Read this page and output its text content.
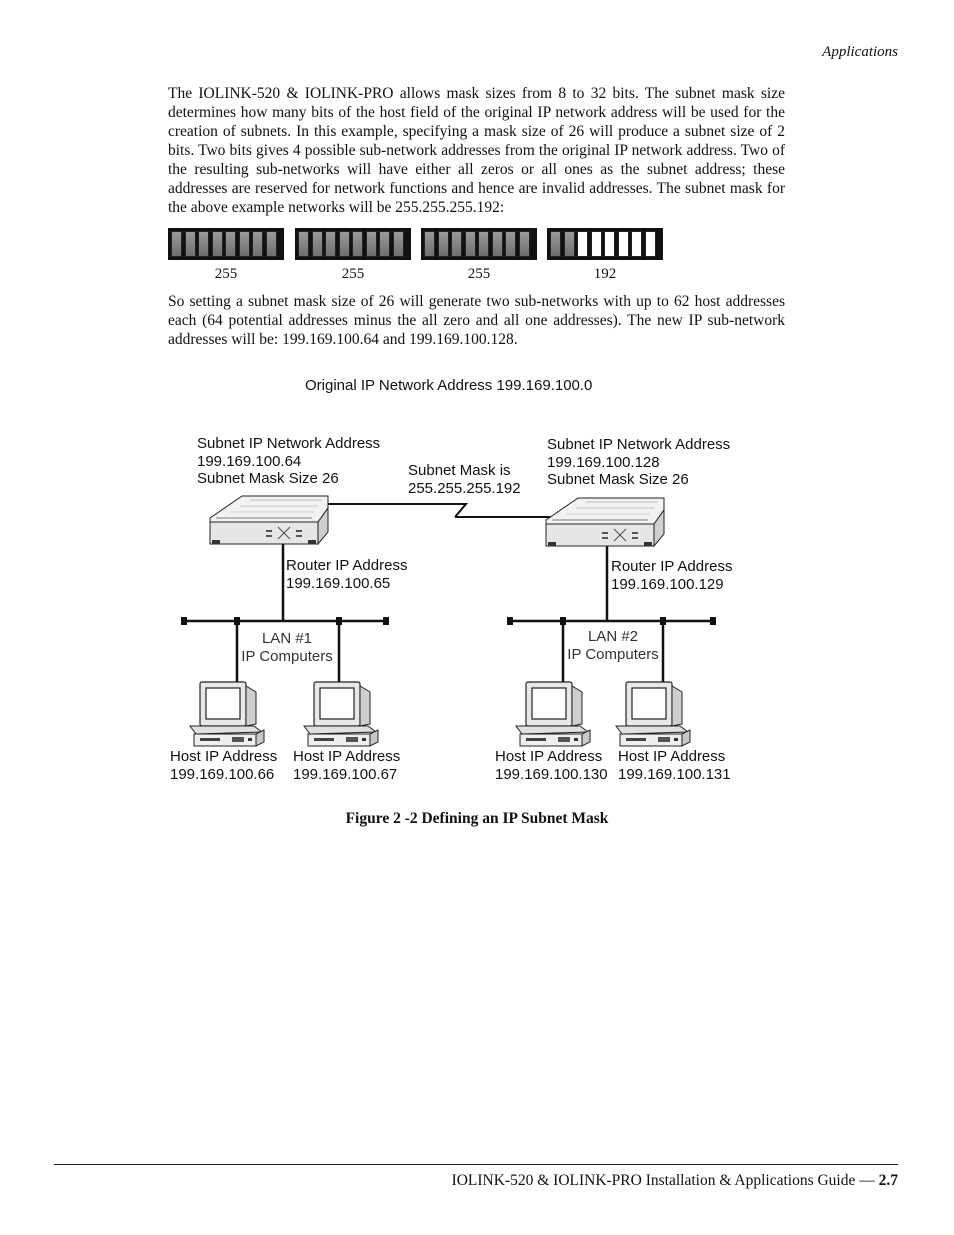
Applications

The IOLINK-520 & IOLINK-PRO allows mask sizes from 8 to 32 bits. The subnet mask size determines how many bits of the host field of the original IP network address will be used for the creation of subnets. In this example, specifying a mask size of 26 will produce a subnet size of 2 bits. Two bits gives 4 possible sub-network addresses from the original IP network address. Two of the resulting sub-networks will have either all zeros or all ones as the subnet address; these addresses are reserved for network functions and hence are invalid addresses. The subnet mask for the above example networks will be 255.255.255.192:

255	255	255	192

So setting a subnet mask size of 26 will generate two sub-networks with up to 62 host addresses each (64 potential addresses minus the all zero and all one addresses). The new IP sub-network addresses will be: 199.169.100.64 and 199.169.100.128.

Original IP Network Address 199.169.100.0
Subnet IP Network Address
199.169.100.64
Subnet Mask Size 26	Subnet Mask is
255.255.255.192
Subnet IP Network Address
199.169.100.128
Subnet Mask Size 26
Router IP Address
199.169.100.65
Router IP Address
199.169.100.129
LAN #1
IP Computers
LAN #2
IP Computers
Host IP Address
199.169.100.66
Host IP Address
199.169.100.67
Host IP Address
199.169.100.130
Host IP Address
199.169.100.131
Figure 2 -2 Defining an IP Subnet Mask
IOLINK-520 & IOLINK-PRO Installation & Applications Guide — 2.7
